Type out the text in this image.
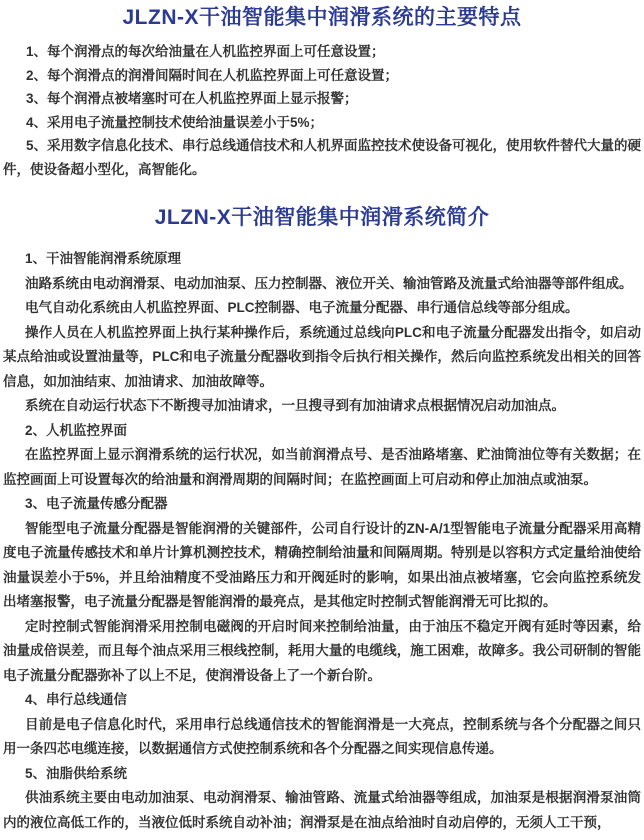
JLZN-X干油智能集中润滑系统的主要特点

1、每个润滑点的每次给油量在人机监控界面上可任意设置；

2、每个润滑点的润滑间隔时间在人机监控界面上可任意设置；

3、每个润滑点被堵塞时可在人机监控界面上显示报警；

4、采用电子流量控制技术使给油量误差小于5%；

5、采用数字信息化技术、串行总线通信技术和人机界面监控技术使设备可视化，使用软件替代大量的硬件，使设备超小型化，高智能化。

JLZN-X干油智能集中润滑系统简介

1、干油智能润滑系统原理

油路系统由电动润滑泵、电动加油泵、压力控制器、液位开关、输油管路及流量式给油器等部件组成。

电气自动化系统由人机监控界面、PLC控制器、电子流量分配器、串行通信总线等部分组成。

操作人员在人机监控界面上执行某种操作后，系统通过总线向PLC和电子流量分配器发出指令，如启动某点给油或设置油量等，PLC和电子流量分配器收到指令后执行相关操作，然后向监控系统发出相关的回答信息，如加油结束、加油请求、加油故障等。

系统在自动运行状态下不断搜寻加油请求，一旦搜寻到有加油请求点根据情况启动加油点。

2、人机监控界面

在监控界面上显示润滑系统的运行状况，如当前润滑点号、是否油路堵塞、贮油筒油位等有关数据；在监控画面上可设置每次的给油量和润滑周期的间隔时间；在监控画面上可启动和停止加油点或油泵。

3、电子流量传感分配器

智能型电子流量分配器是智能润滑的关键部件，公司自行设计的ZN-A/1型智能电子流量分配器采用高精度电子流量传感技术和单片计算机测控技术，精确控制给油量和间隔周期。特别是以容积方式定量给油使给油量误差小于5%，并且给油精度不受油路压力和开阀延时的影响，如果出油点被堵塞，它会向监控系统发出堵塞报警，电子流量分配器是智能润滑的最亮点，是其他定时控制式智能润滑无可比拟的。

定时控制式智能润滑采用控制电磁阀的开启时间来控制给油量，由于油压不稳定开阀有延时等因素，给油量成倍误差，而且每个油点采用三根线控制，耗用大量的电缆线，施工困难，故障多。我公司研制的智能电子流量分配器弥补了以上不足，使润滑设备上了一个新台阶。

4、串行总线通信

目前是电子信息化时代，采用串行总线通信技术的智能润滑是一大亮点，控制系统与各个分配器之间只用一条四芯电缆连接，以数据通信方式使控制系统和各个分配器之间实现信息传递。

5、油脂供给系统

供油系统主要由电动加油泵、电动润滑泵、输油管路、流量式给油器等组成，加油泵是根据润滑泵油筒内的液位高低工作的，当液位低时系统自动补油；润滑泵是在油点给油时自动启停的，无须人工干预，
